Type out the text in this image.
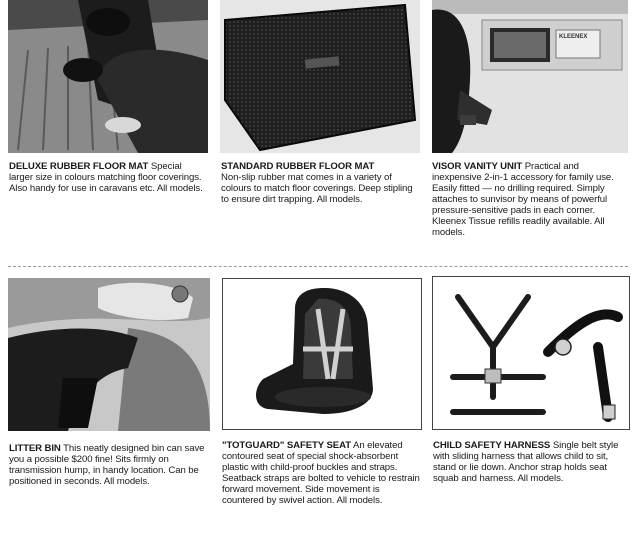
KLEENEX
DELUXE RUBBER FLOOR MAT Special larger size in colours matching floor coverings. Also handy for use in caravans etc. All models.
STANDARD RUBBER FLOOR MAT
Non-slip rubber mat comes in a variety of colours to match floor coverings. Deep stipling to ensure dirt trapping. All models.
VISOR VANITY UNIT Practical and inexpensive 2-in-1 accessory for family use. Easily fitted — no drilling required. Simply attaches to sunvisor by means of powerful pressure-sensitive pads in each corner. Kleenex Tissue refills readily available. All models.
LITTER BIN This neatly designed bin can save you a possible $200 fine! Sits firmly on transmission hump, in handy location. Can be positioned in seconds. All models.
"TOTGUARD" SAFETY SEAT An elevated contoured seat of special shock-absorbent plastic with child-proof buckles and straps. Seatback straps are bolted to vehicle to restrain forward movement. Side movement is countered by swivel action. All models.
CHILD SAFETY HARNESS Single belt style with sliding harness that allows child to sit, stand or lie down. Anchor strap holds seat squab and harness. All models.
